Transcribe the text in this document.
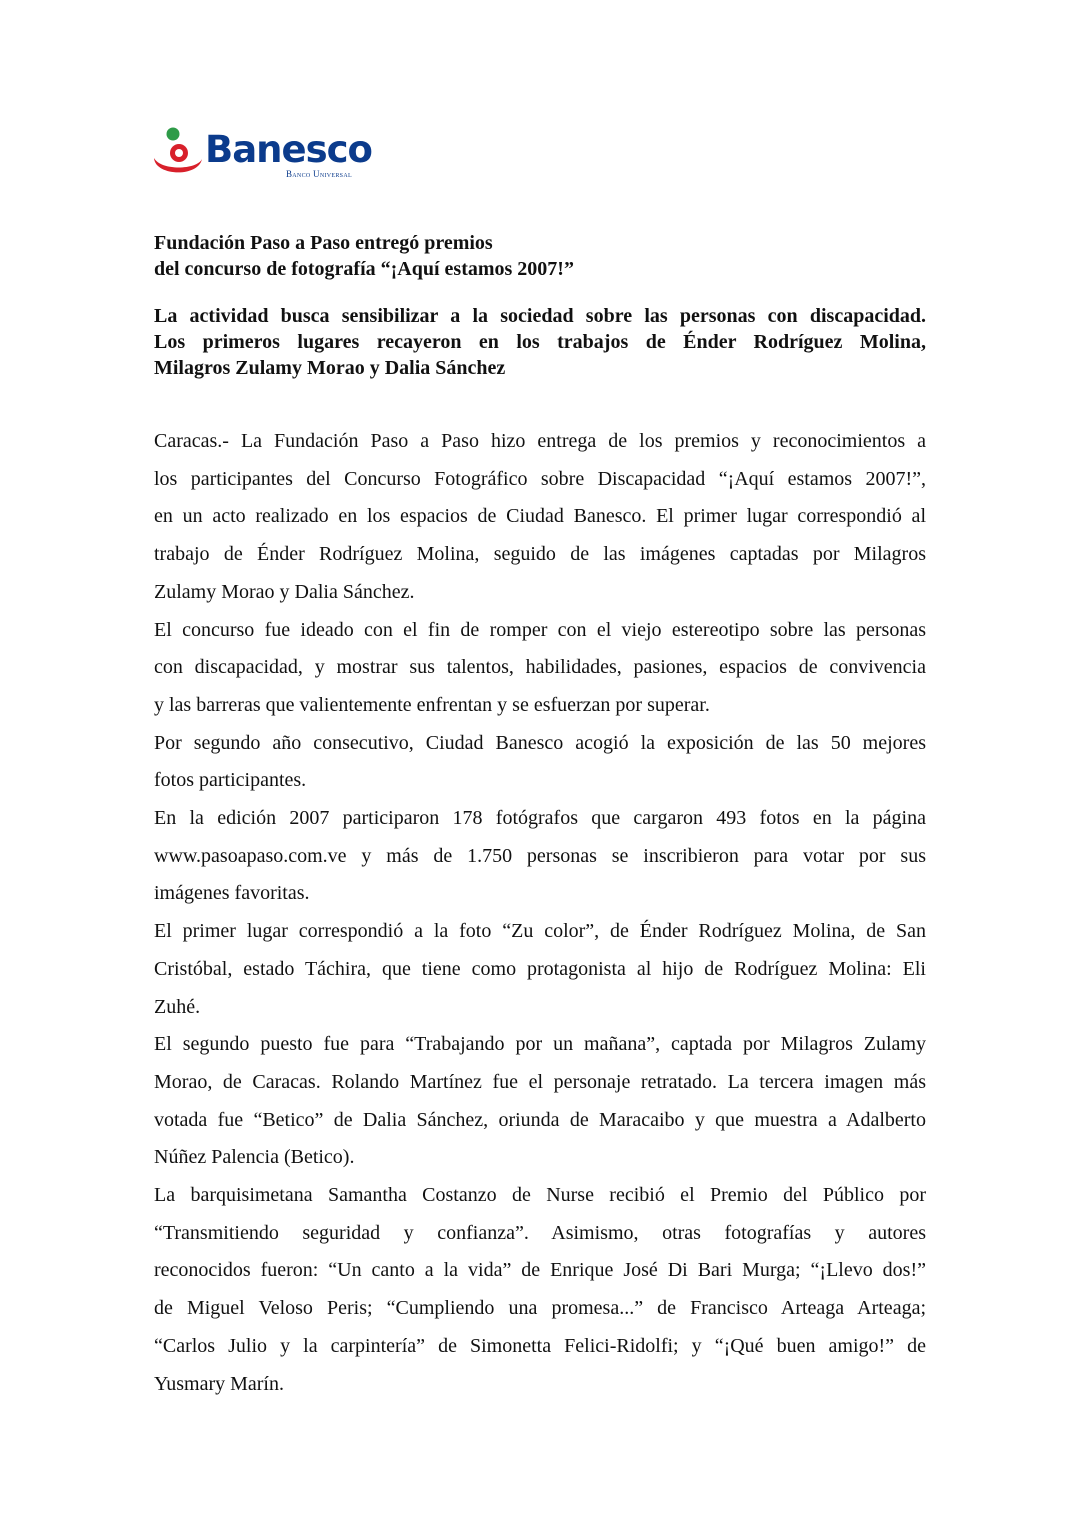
Banesco
Banco Universal
Fundación Paso a Paso entregó premios
del concurso de fotografía “¡Aquí estamos 2007!”
La actividad busca sensibilizar a la sociedad sobre las personas con discapacidad.
Los primeros lugares recayeron en los trabajos de Énder Rodríguez Molina,
Milagros Zulamy Morao y Dalia Sánchez
Caracas.- La Fundación Paso a Paso hizo entrega de los premios y reconocimientos a
los participantes del Concurso Fotográfico sobre Discapacidad “¡Aquí estamos 2007!”,
en un acto realizado en los espacios de Ciudad Banesco. El primer lugar correspondió al
trabajo de Énder Rodríguez Molina, seguido de las imágenes captadas por Milagros
Zulamy Morao y Dalia Sánchez.
El concurso fue ideado con el fin de romper con el viejo estereotipo sobre las personas
con discapacidad, y mostrar sus talentos, habilidades, pasiones, espacios de convivencia
y las barreras que valientemente enfrentan y se esfuerzan por superar.
Por segundo año consecutivo, Ciudad Banesco acogió la exposición de las 50 mejores
fotos participantes.
En la edición 2007 participaron 178 fotógrafos que cargaron 493 fotos en la página
www.pasoapaso.com.ve y más de 1.750 personas se inscribieron para votar por sus
imágenes favoritas.
El primer lugar correspondió a la foto “Zu color”, de Énder Rodríguez Molina, de San
Cristóbal, estado Táchira, que tiene como protagonista al hijo de Rodríguez Molina: Eli
Zuhé.
El segundo puesto fue para “Trabajando por un mañana”, captada por Milagros Zulamy
Morao, de Caracas. Rolando Martínez fue el personaje retratado. La tercera imagen más
votada fue “Betico” de Dalia Sánchez, oriunda de Maracaibo y que muestra a Adalberto
Núñez Palencia (Betico).
La barquisimetana Samantha Costanzo de Nurse recibió el Premio del Público por
“Transmitiendo seguridad y confianza”. Asimismo, otras fotografías y autores
reconocidos fueron: “Un canto a la vida” de Enrique José Di Bari Murga; “¡Llevo dos!”
de Miguel Veloso Peris; “Cumpliendo una promesa...” de Francisco Arteaga Arteaga;
“Carlos Julio y la carpintería” de Simonetta Felici-Ridolfi; y “¡Qué buen amigo!” de
Yusmary Marín.
